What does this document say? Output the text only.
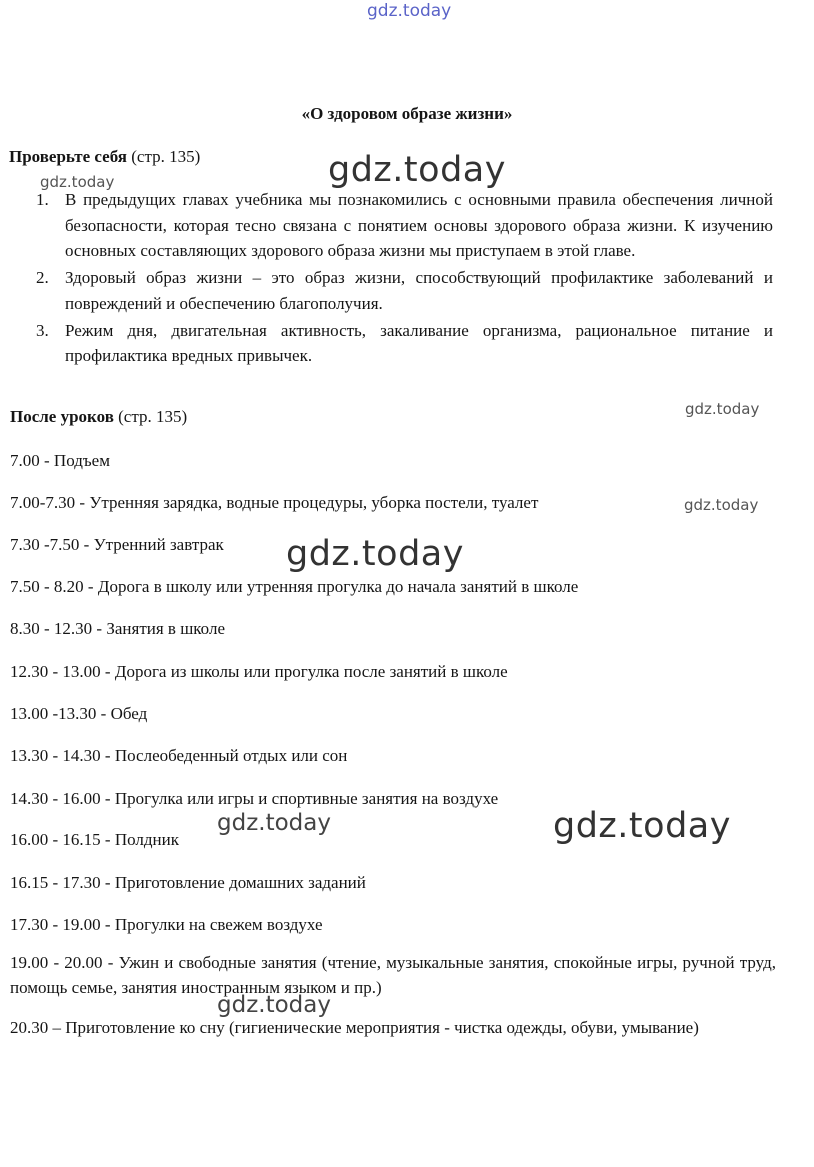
gdz.today
gdz.today
gdz.today
gdz.today
gdz.today
gdz.today
gdz.today	gdz.today
gdz.today
«О здоровом образе жизни»
Проверьте себя (стр. 135)
1. В предыдущих главах учебника мы познакомились с основными правила обеспечения личной безопасности, которая тесно связана с понятием основы здорового образа жизни. К изучению основных составляющих здорового образа жизни мы приступаем в этой главе.
2. Здоровый образ жизни – это образ жизни, способствующий профилактике заболеваний и повреждений и обеспечению благополучия.
3. Режим дня, двигательная активность, закаливание организма, рациональное питание и профилактика вредных привычек.
После уроков (стр. 135)
7.00 - Подъем
7.00-7.30 - Утренняя зарядка, водные процедуры, уборка постели, туалет
7.30 -7.50 - Утренний завтрак
7.50 - 8.20 - Дорога в школу или утренняя прогулка до начала занятий в школе
8.30 - 12.30 - Занятия в школе
12.30 - 13.00 - Дорога из школы или прогулка после занятий в школе
13.00 -13.30 - Обед
13.30 - 14.30 - Послеобеденный отдых или сон
14.30 - 16.00 - Прогулка или игры и спортивные занятия на воздухе
16.00 - 16.15 - Полдник
16.15 - 17.30 - Приготовление домашних заданий
17.30 - 19.00 - Прогулки на свежем воздухе
19.00 - 20.00 - Ужин и свободные занятия (чтение, музыкальные занятия, спокойные игры, ручной труд, помощь семье, занятия иностранным языком и пр.)
20.30 – Приготовление ко сну (гигиенические мероприятия - чистка одежды, обуви, умывание)
